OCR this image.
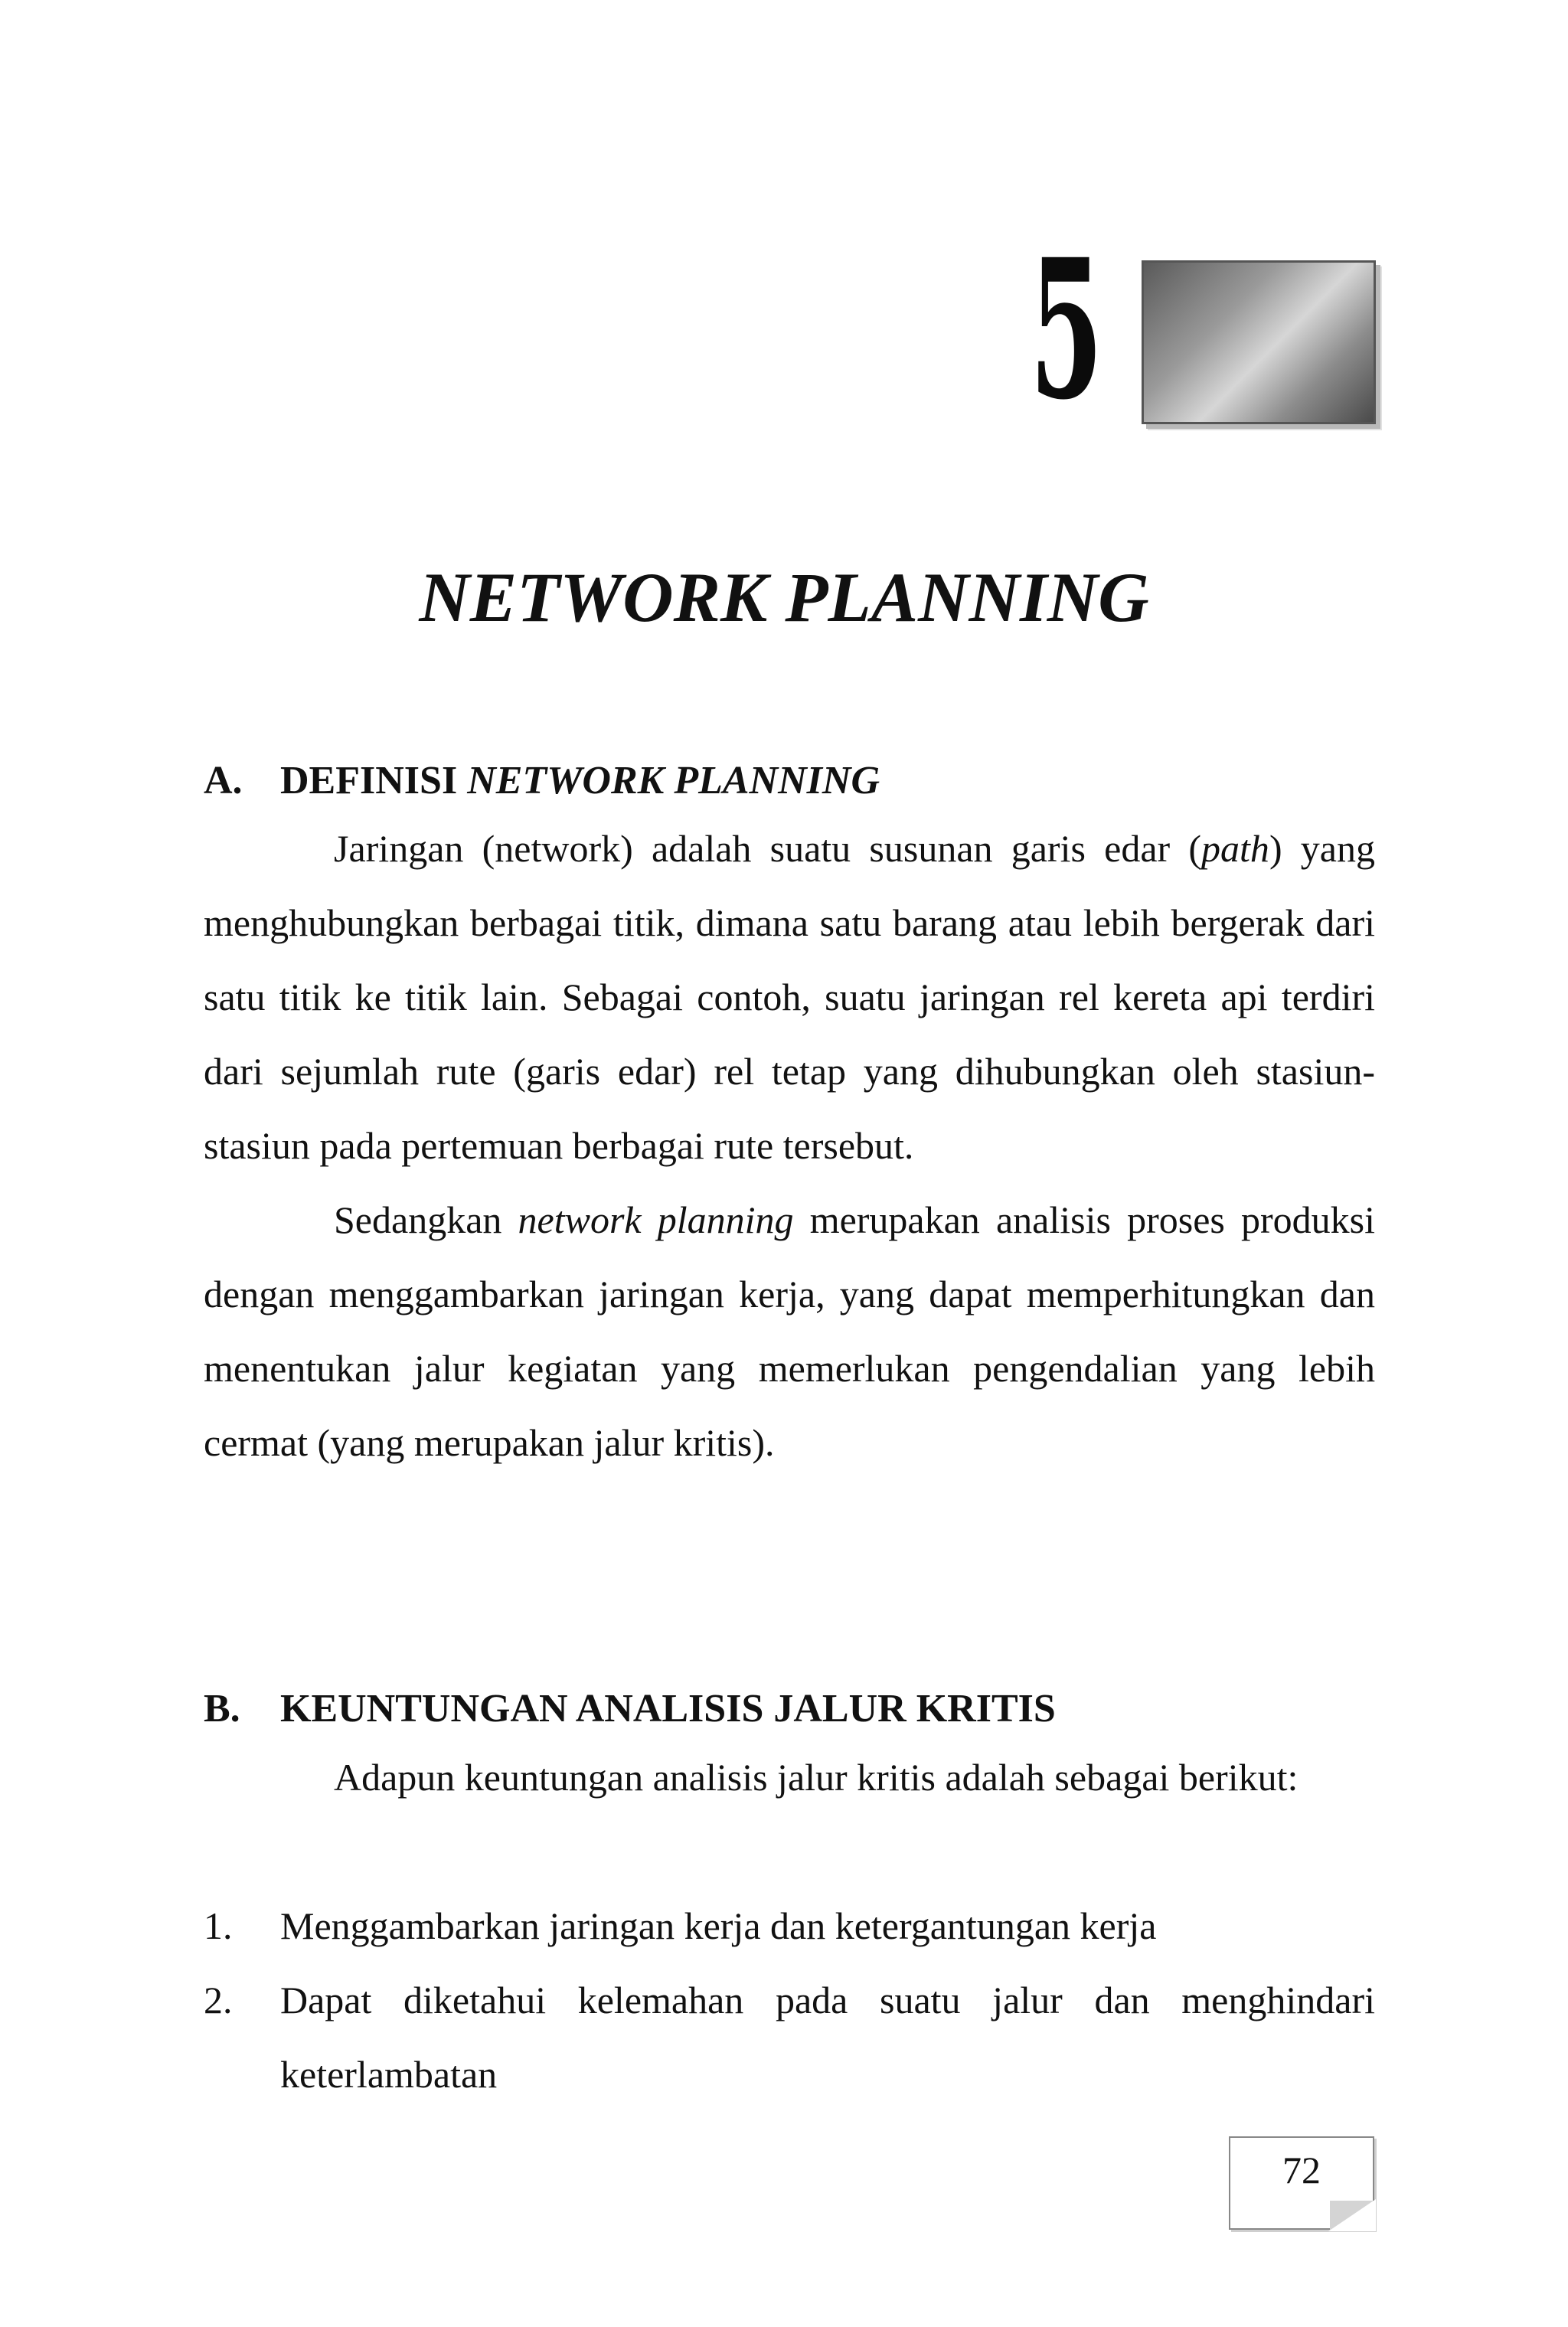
5
NETWORK PLANNING
A. DEFINISI NETWORK PLANNING

Jaringan (network) adalah suatu susunan garis edar (path) yang menghubungkan berbagai titik, dimana satu barang atau lebih bergerak dari satu titik ke titik lain. Sebagai contoh, suatu jaringan rel kereta api terdiri dari sejumlah rute (garis edar) rel tetap yang dihubungkan oleh stasiun-stasiun pada pertemuan berbagai rute tersebut.

Sedangkan network planning merupakan analisis proses produksi dengan menggambarkan jaringan kerja, yang dapat memperhitungkan dan menentukan jalur kegiatan yang memerlukan pengendalian yang lebih cermat (yang merupakan jalur kritis).

B. KEUNTUNGAN ANALISIS JALUR KRITIS

Adapun keuntungan analisis jalur kritis adalah sebagai berikut:

1.	Menggambarkan jaringan kerja dan ketergantungan kerja
2.	Dapat diketahui kelemahan pada suatu jalur dan menghindari keterlambatan
72
